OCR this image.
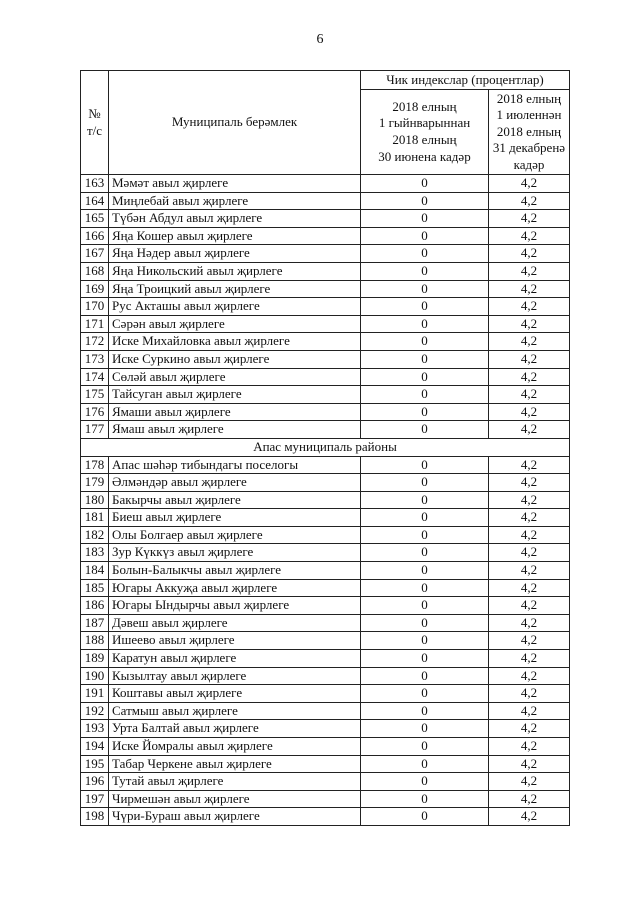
6
№
т/с	Муниципаль берәмлек	Чик индекслар (процентлар)	
		2018 елның
1 гыйнварыннан
2018 елның
30 июнена кадәр	2018 елның
1 июленнән
2018 елның
31 декабренә
кадәр
163	Мәмәт авыл җирлеге	0	4,2
164	Миңлебай авыл җирлеге	0	4,2
165	Түбән Абдул авыл җирлеге	0	4,2
166	Яңа Кошер авыл җирлеге	0	4,2
167	Яңа Нәдер авыл җирлеге	0	4,2
168	Яңа Никольский авыл җирлеге	0	4,2
169	Яңа Троицкий авыл җирлеге	0	4,2
170	Рус Акташы авыл җирлеге	0	4,2
171	Сәрән авыл җирлеге	0	4,2
172	Иске Михайловка авыл җирлеге	0	4,2
173	Иске Суркино авыл җирлеге	0	4,2
174	Сөләй авыл җирлеге	0	4,2
175	Тайсуган авыл җирлеге	0	4,2
176	Ямаши авыл җирлеге	0	4,2
177	Ямаш авыл җирлеге	0	4,2
Апас муниципаль районы			
178	Апас шәһәр тибындагы поселогы	0	4,2
179	Әлмәндәр авыл җирлеге	0	4,2
180	Бакырчы авыл җирлеге	0	4,2
181	Биеш авыл җирлеге	0	4,2
182	Олы Болгаер авыл җирлеге	0	4,2
183	Зур Күккүз авыл җирлеге	0	4,2
184	Болын-Балыкчы авыл җирлеге	0	4,2
185	Югары Аккуҗа авыл җирлеге	0	4,2
186	Югары Ындырчы авыл җирлеге	0	4,2
187	Дәвеш авыл җирлеге	0	4,2
188	Ишеево авыл җирлеге	0	4,2
189	Каратун авыл җирлеге	0	4,2
190	Кызылтау авыл җирлеге	0	4,2
191	Коштавы авыл җирлеге	0	4,2
192	Сатмыш авыл җирлеге	0	4,2
193	Урта Балтай авыл җирлеге	0	4,2
194	Иске Йомралы авыл җирлеге	0	4,2
195	Табар Черкене авыл җирлеге	0	4,2
196	Тутай авыл җирлеге	0	4,2
197	Чирмешән авыл җирлеге	0	4,2
198	Чүри-Бураш авыл җирлеге	0	4,2
